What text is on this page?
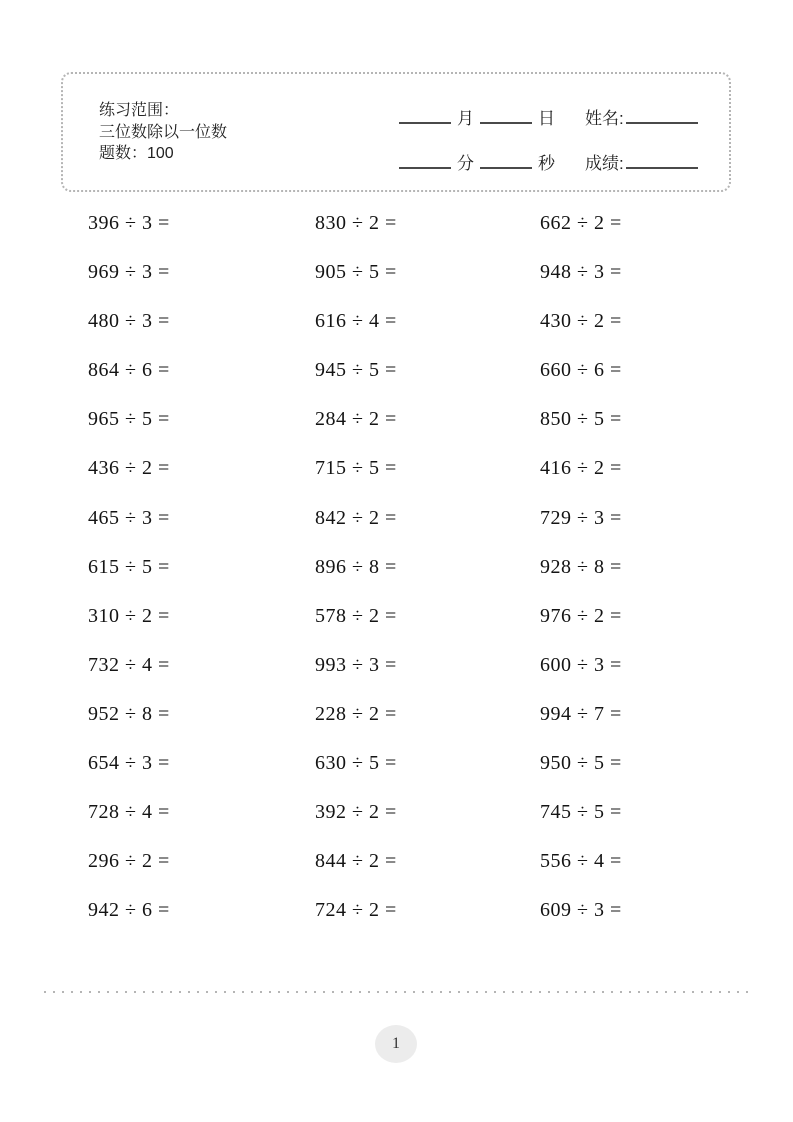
练习范围：
三位数除以一位数
题数：100
月	日 姓名:
分	秒 成绩:
396 ÷ 3 =	830 ÷ 2 =	662 ÷ 2 =
969 ÷ 3 =	905 ÷ 5 =	948 ÷ 3 =
480 ÷ 3 =	616 ÷ 4 =	430 ÷ 2 =
864 ÷ 6 =	945 ÷ 5 =	660 ÷ 6 =
965 ÷ 5 =	284 ÷ 2 =	850 ÷ 5 =
436 ÷ 2 =	715 ÷ 5 =	416 ÷ 2 =
465 ÷ 3 =	842 ÷ 2 =	729 ÷ 3 =
615 ÷ 5 =	896 ÷ 8 =	928 ÷ 8 =
310 ÷ 2 =	578 ÷ 2 =	976 ÷ 2 =
732 ÷ 4 =	993 ÷ 3 =	600 ÷ 3 =
952 ÷ 8 =	228 ÷ 2 =	994 ÷ 7 =
654 ÷ 3 =	630 ÷ 5 =	950 ÷ 5 =
728 ÷ 4 =	392 ÷ 2 =	745 ÷ 5 =
296 ÷ 2 =	844 ÷ 2 =	556 ÷ 4 =
942 ÷ 6 =	724 ÷ 2 =	609 ÷ 3 =
1
